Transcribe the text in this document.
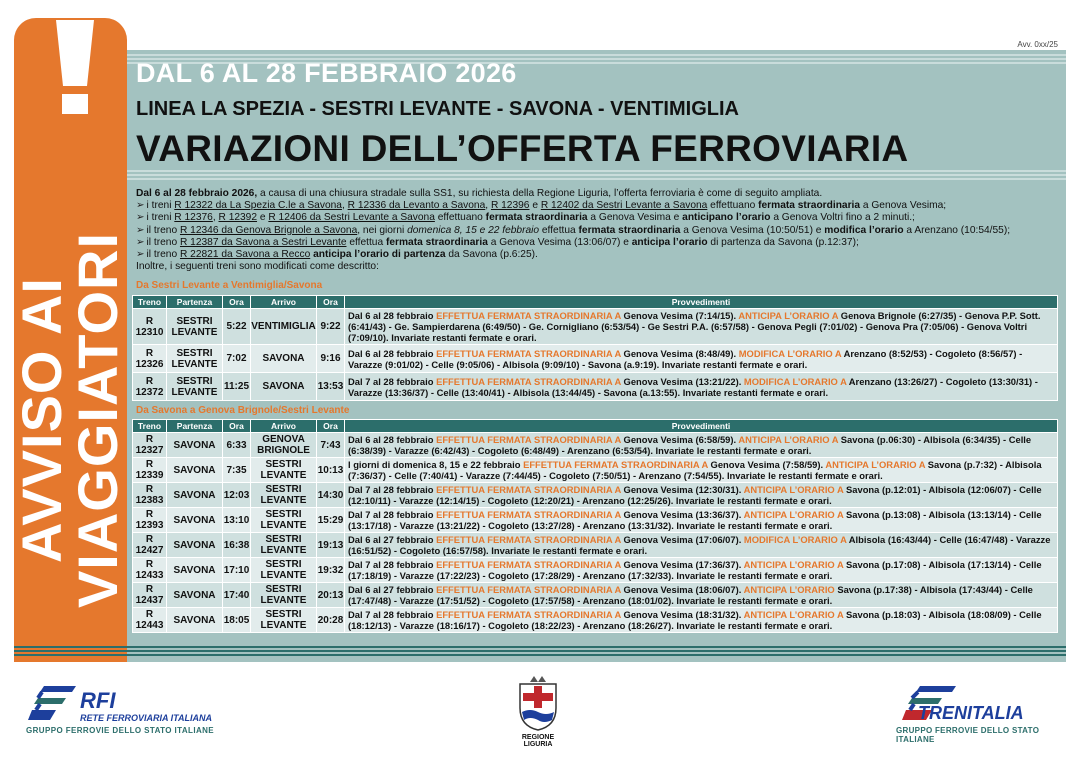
Avv. 0xx/25
AVVISO AI
VIAGGIATORI
DAL 6 AL 28 FEBBRAIO 2026
LINEA LA SPEZIA - SESTRI LEVANTE - SAVONA - VENTIMIGLIA
VARIAZIONI DELL’OFFERTA FERROVIARIA
Dal 6 al 28 febbraio 2026, a causa di una chiusura stradale sulla SS1, su richiesta della Regione Liguria, l’offerta ferroviaria è come di seguito ampliata.
➢ i treni R 12322 da La Spezia C.le a Savona, R 12336 da Levanto a Savona, R 12396 e R 12402 da Sestri Levante a Savona effettuano fermata straordinaria a Genova Vesima;
➢ i treni R 12376, R 12392 e R 12406 da Sestri Levante a Savona effettuano fermata straordinaria a Genova Vesima e anticipano l’orario a Genova Voltri fino a 2 minuti.;
➢ il treno R 12346 da Genova Brignole a Savona, nei giorni domenica 8, 15 e 22 febbraio effettua fermata straordinaria a Genova Vesima (10:50/51) e modifica l’orario a Arenzano (10:54/55);
➢ il treno R 12387 da Savona a Sestri Levante effettua fermata straordinaria a Genova Vesima (13:06/07) e anticipa l’orario di partenza da Savona (p.12:37);
➢ il treno R 22821 da Savona a Recco anticipa l’orario di partenza da Savona (p.6:25).
Inoltre, i seguenti treni sono modificati come descritto:
Da Sestri Levante a Ventimiglia/Savona
Treno	Partenza	Ora	Arrivo	Ora	Provvedimenti
R
12310	SESTRI
LEVANTE	5:22	VENTIMIGLIA	9:22	Dal 6 al 28 febbraio EFFETTUA FERMATA STRAORDINARIA A Genova Vesima (7:14/15). ANTICIPA L’ORARIO A Genova Brignole (6:27/35) - Genova P.P. Sott. (6:41/43) - Ge. Sampierdarena (6:49/50) - Ge. Cornigliano (6:53/54) - Ge Sestri P.A. (6:57/58) - Genova Pegli (7:01/02) - Genova Pra (7:05/06) - Genova Voltri (7:09/10). Invariate restanti fermate e orari.
R
12326	SESTRI
LEVANTE	7:02	SAVONA	9:16	Dal 6 al 28 febbraio EFFETTUA FERMATA STRAORDINARIA A Genova Vesima (8:48/49). MODIFICA L’ORARIO A Arenzano (8:52/53) - Cogoleto (8:56/57) - Varazze (9:01/02) - Celle (9:05/06) - Albisola (9:09/10) - Savona (a.9:19). Invariate restanti fermate e orari.
R
12372	SESTRI
LEVANTE	11:25	SAVONA	13:53	Dal 7 al 28 febbraio EFFETTUA FERMATA STRAORDINARIA A Genova Vesima (13:21/22). MODIFICA L’ORARIO A Arenzano (13:26/27) - Cogoleto (13:30/31) - Varazze (13:36/37) - Celle (13:40/41) - Albisola (13:44/45) - Savona (a.13:55). Invariate restanti fermate e orari.
Da Savona a Genova Brignole/Sestri Levante
Treno	Partenza	Ora	Arrivo	Ora	Provvedimenti
R
12327	SAVONA	6:33	GENOVA
BRIGNOLE	7:43	Dal 6 al 28 febbraio EFFETTUA FERMATA STRAORDINARIA A Genova Vesima (6:58/59). ANTICIPA L’ORARIO A Savona (p.06:30) - Albisola (6:34/35) - Celle (6:38/39) - Varazze (6:42/43) - Cogoleto (6:48/49) - Arenzano (6:53/54). Invariate le restanti fermate e orari.
R
12339	SAVONA	7:35	SESTRI
LEVANTE	10:13	I giorni di domenica 8, 15 e 22 febbraio EFFETTUA FERMATA STRAORDINARIA A Genova Vesima (7:58/59). ANTICIPA L’ORARIO A Savona (p.7:32) - Albisola (7:36/37) - Celle (7:40/41) - Varazze (7:44/45) - Cogoleto (7:50/51) - Arenzano (7:54/55). Invariate le restanti fermate e orari.
R
12383	SAVONA	12:03	SESTRI
LEVANTE	14:30	Dal 7 al 28 febbraio EFFETTUA FERMATA STRAORDINARIA A Genova Vesima (12:30/31). ANTICIPA L’ORARIO A Savona (p.12:01) - Albisola (12:06/07) - Celle (12:10/11) - Varazze (12:14/15) - Cogoleto (12:20/21) - Arenzano (12:25/26). Invariate le restanti fermate e orari.
R
12393	SAVONA	13:10	SESTRI
LEVANTE	15:29	Dal 7 al 28 febbraio EFFETTUA FERMATA STRAORDINARIA A Genova Vesima (13:36/37). ANTICIPA L’ORARIO A Savona (p.13:08) - Albisola (13:13/14) - Celle (13:17/18) - Varazze (13:21/22) - Cogoleto (13:27/28) - Arenzano (13:31/32). Invariate le restanti fermate e orari.
R
12427	SAVONA	16:38	SESTRI
LEVANTE	19:13	Dal 6 al 27 febbraio EFFETTUA FERMATA STRAORDINARIA A Genova Vesima (17:06/07). MODIFICA L’ORARIO A Albisola (16:43/44) - Celle (16:47/48) - Varazze (16:51/52) - Cogoleto (16:57/58). Invariate le restanti fermate e orari.
R
12433	SAVONA	17:10	SESTRI
LEVANTE	19:32	Dal 7 al 28 febbraio EFFETTUA FERMATA STRAORDINARIA A Genova Vesima (17:36/37). ANTICIPA L’ORARIO A Savona (p.17:08) - Albisola (17:13/14) - Celle (17:18/19) - Varazze (17:22/23) - Cogoleto (17:28/29) - Arenzano (17:32/33). Invariate le restanti fermate e orari.
R
12437	SAVONA	17:40	SESTRI
LEVANTE	20:13	Dal 6 al 27 febbraio EFFETTUA FERMATA STRAORDINARIA A Genova Vesima (18:06/07). ANTICIPA L’ORARIO Savona (p.17:38) - Albisola (17:43/44) - Celle (17:47/48) - Varazze (17:51/52) - Cogoleto (17:57/58) - Arenzano (18:01/02). Invariate le restanti fermate e orari.
R
12443	SAVONA	18:05	SESTRI
LEVANTE	20:28	Dal 7 al 28 febbraio EFFETTUA FERMATA STRAORDINARIA A Genova Vesima (18:31/32). ANTICIPA L’ORARIO A Savona (p.18:03) - Albisola (18:08/09) - Celle (18:12/13) - Varazze (18:16/17) - Cogoleto (18:22/23) - Arenzano (18:26/27). Invariate le restanti fermate e orari.
RFI
RETE FERROVIARIA ITALIANA
GRUPPO FERROVIE DELLO STATO ITALIANE
REGIONE LIGURIA
TRENITALIA
GRUPPO FERROVIE DELLO STATO ITALIANE
